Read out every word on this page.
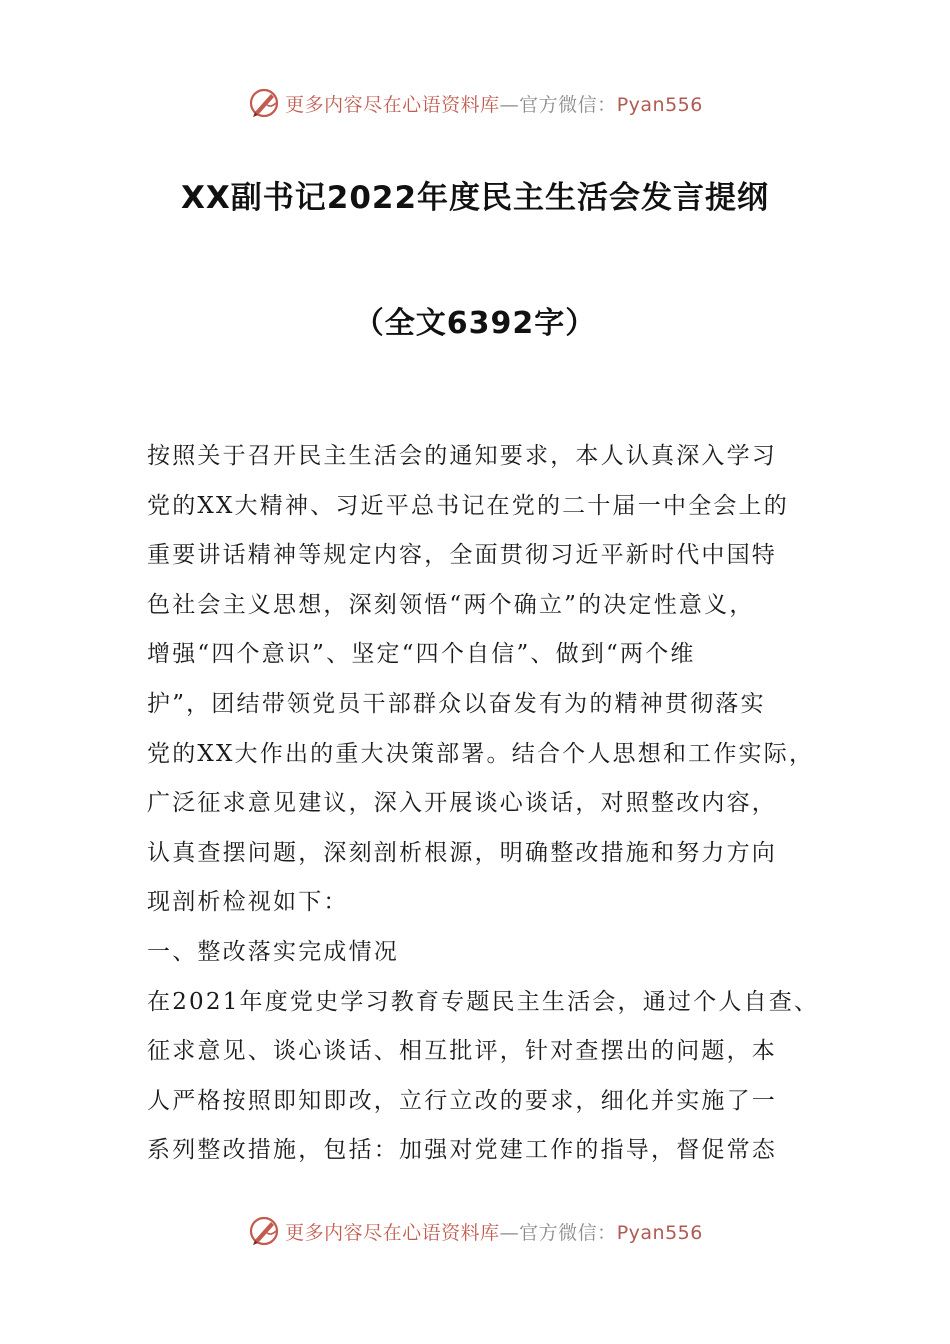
更多内容尽在心语资料库—官方微信：Pyan556
XX副书记2022年度民主生活会发言提纲
（全文6392字）
按照关于召开民主生活会的通知要求，本人认真深入学习
党的XX大精神、习近平总书记在党的二十届一中全会上的
重要讲话精神等规定内容，全面贯彻习近平新时代中国特
色社会主义思想，深刻领悟“两个确立”的决定性意义，
增强“四个意识”、坚定“四个自信”、做到“两个维
护”，团结带领党员干部群众以奋发有为的精神贯彻落实
党的XX大作出的重大决策部署。结合个人思想和工作实际，
广泛征求意见建议，深入开展谈心谈话，对照整改内容，
认真查摆问题，深刻剖析根源，明确整改措施和努力方向
现剖析检视如下：
一、整改落实完成情况
在2021年度党史学习教育专题民主生活会，通过个人自查、
征求意见、谈心谈话、相互批评，针对查摆出的问题，本
人严格按照即知即改，立行立改的要求，细化并实施了一
系列整改措施，包括：加强对党建工作的指导，督促常态
更多内容尽在心语资料库—官方微信：Pyan556
